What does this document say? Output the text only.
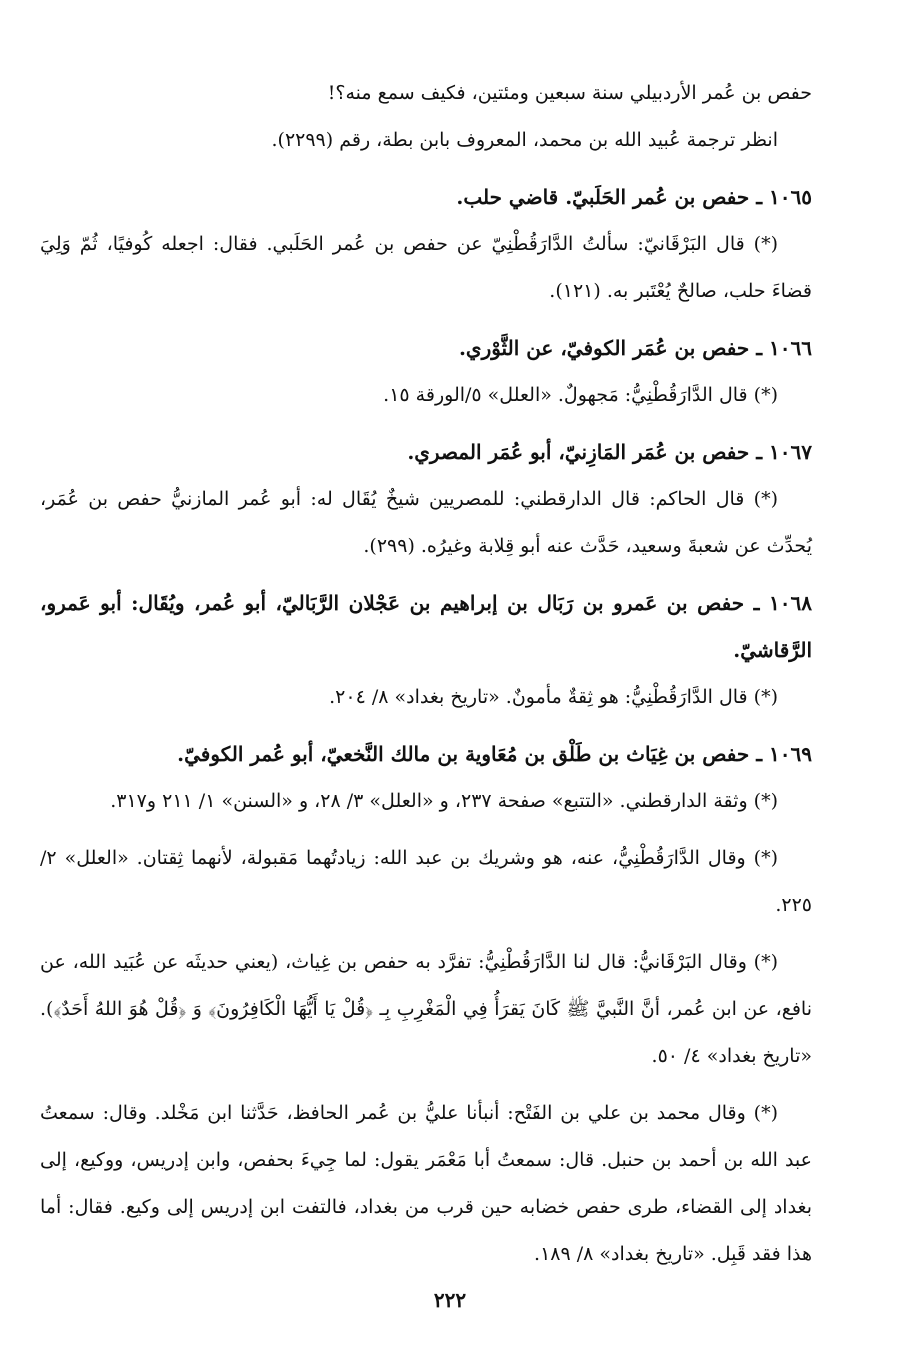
حفص بن عُمر الأردبيلي سنة سبعين ومئتين، فكيف سمع منه؟!

انظر ترجمة عُبيد الله بن محمد، المعروف بابن بطة، رقم (٢٢٩٩).

١٠٦٥ ـ حفص بن عُمر الحَلَبيّ. قاضي حلب.

(*) قال البَرْقَانيّ: سألتُ الدَّارَقُطْنِيّ عن حفص بن عُمر الحَلَبي. فقال: اجعله كُوفيًا، ثُمّ وَلِيَ قضاءَ حلب، صالحٌ يُعْتَبر به. (١٢١).

١٠٦٦ ـ حفص بن عُمَر الكوفيّ، عن الثَّوْري.

(*) قال الدَّارَقُطْنِيُّ: مَجهولٌ. «العلل» ٥/الورقة ١٥.

١٠٦٧ ـ حفص بن عُمَر المَازِنيّ، أبو عُمَر المصري.

(*) قال الحاكم: قال الدارقطني: للمصريين شيخٌ يُقَال له: أبو عُمر المازنيُّ حفص بن عُمَر، يُحدِّث عن شعبةَ وسعيد، حَدَّث عنه أبو قِلابة وغيرُه. (٢٩٩).

١٠٦٨ ـ حفص بن عَمرو بن رَبَال بن إبراهيم بن عَجْلان الرَّبَاليّ، أبو عُمر، ويُقَال: أبو عَمرو، الرَّقاشيّ.

(*) قال الدَّارَقُطْنِيُّ: هو ثِقةٌ مأمونٌ. «تاريخ بغداد» ٨/ ٢٠٤.

١٠٦٩ ـ حفص بن غِيَاث بن طَلْق بن مُعَاوية بن مالك النَّخعيّ، أبو عُمر الكوفيّ.

(*) وثقة الدارقطني. «التتبع» صفحة ٢٣٧، و «العلل» ٣/ ٢٨، و «السنن» ١/ ٢١١ و٣١٧.

(*) وقال الدَّارَقُطْنِيُّ، عنه، هو وشريك بن عبد الله: زيادتُهما مَقبولة، لأنهما ثِقتان. «العلل» ٢/ ٢٢٥.

(*) وقال البَرْقَانيُّ: قال لنا الدَّارَقُطْنِيُّ: تفرَّد به حفص بن غِياث، (يعني حديثَه عن عُبَيد الله، عن نافع، عن ابن عُمر، أنَّ النَّبيَّ ﷺ كَانَ يَقرَأُ فِي الْمَغْرِبِ بِـ ﴿قُلْ يَا أَيُّهَا الْكَافِرُونَ﴾ وَ ﴿قُلْ هُوَ اللهُ أَحَدٌ﴾). «تاريخ بغداد» ٤/ ٥٠.

(*) وقال محمد بن علي بن الفَتْح: أنبأنا عليُّ بن عُمر الحافظ، حَدَّثنا ابن مَخْلد. وقال: سمعتُ عبد الله بن أحمد بن حنبل. قال: سمعتُ أبا مَعْمَر يقول: لما جِيءَ بحفص، وابن إدريس، ووكيع، إلى بغداد إلى القضاء، طرى حفص خضابه حين قرب من بغداد، فالتفت ابن إدريس إلى وكيع. فقال: أما هذا فقد قَبِل. «تاريخ بغداد» ٨/ ١٨٩.

٢٢٢
